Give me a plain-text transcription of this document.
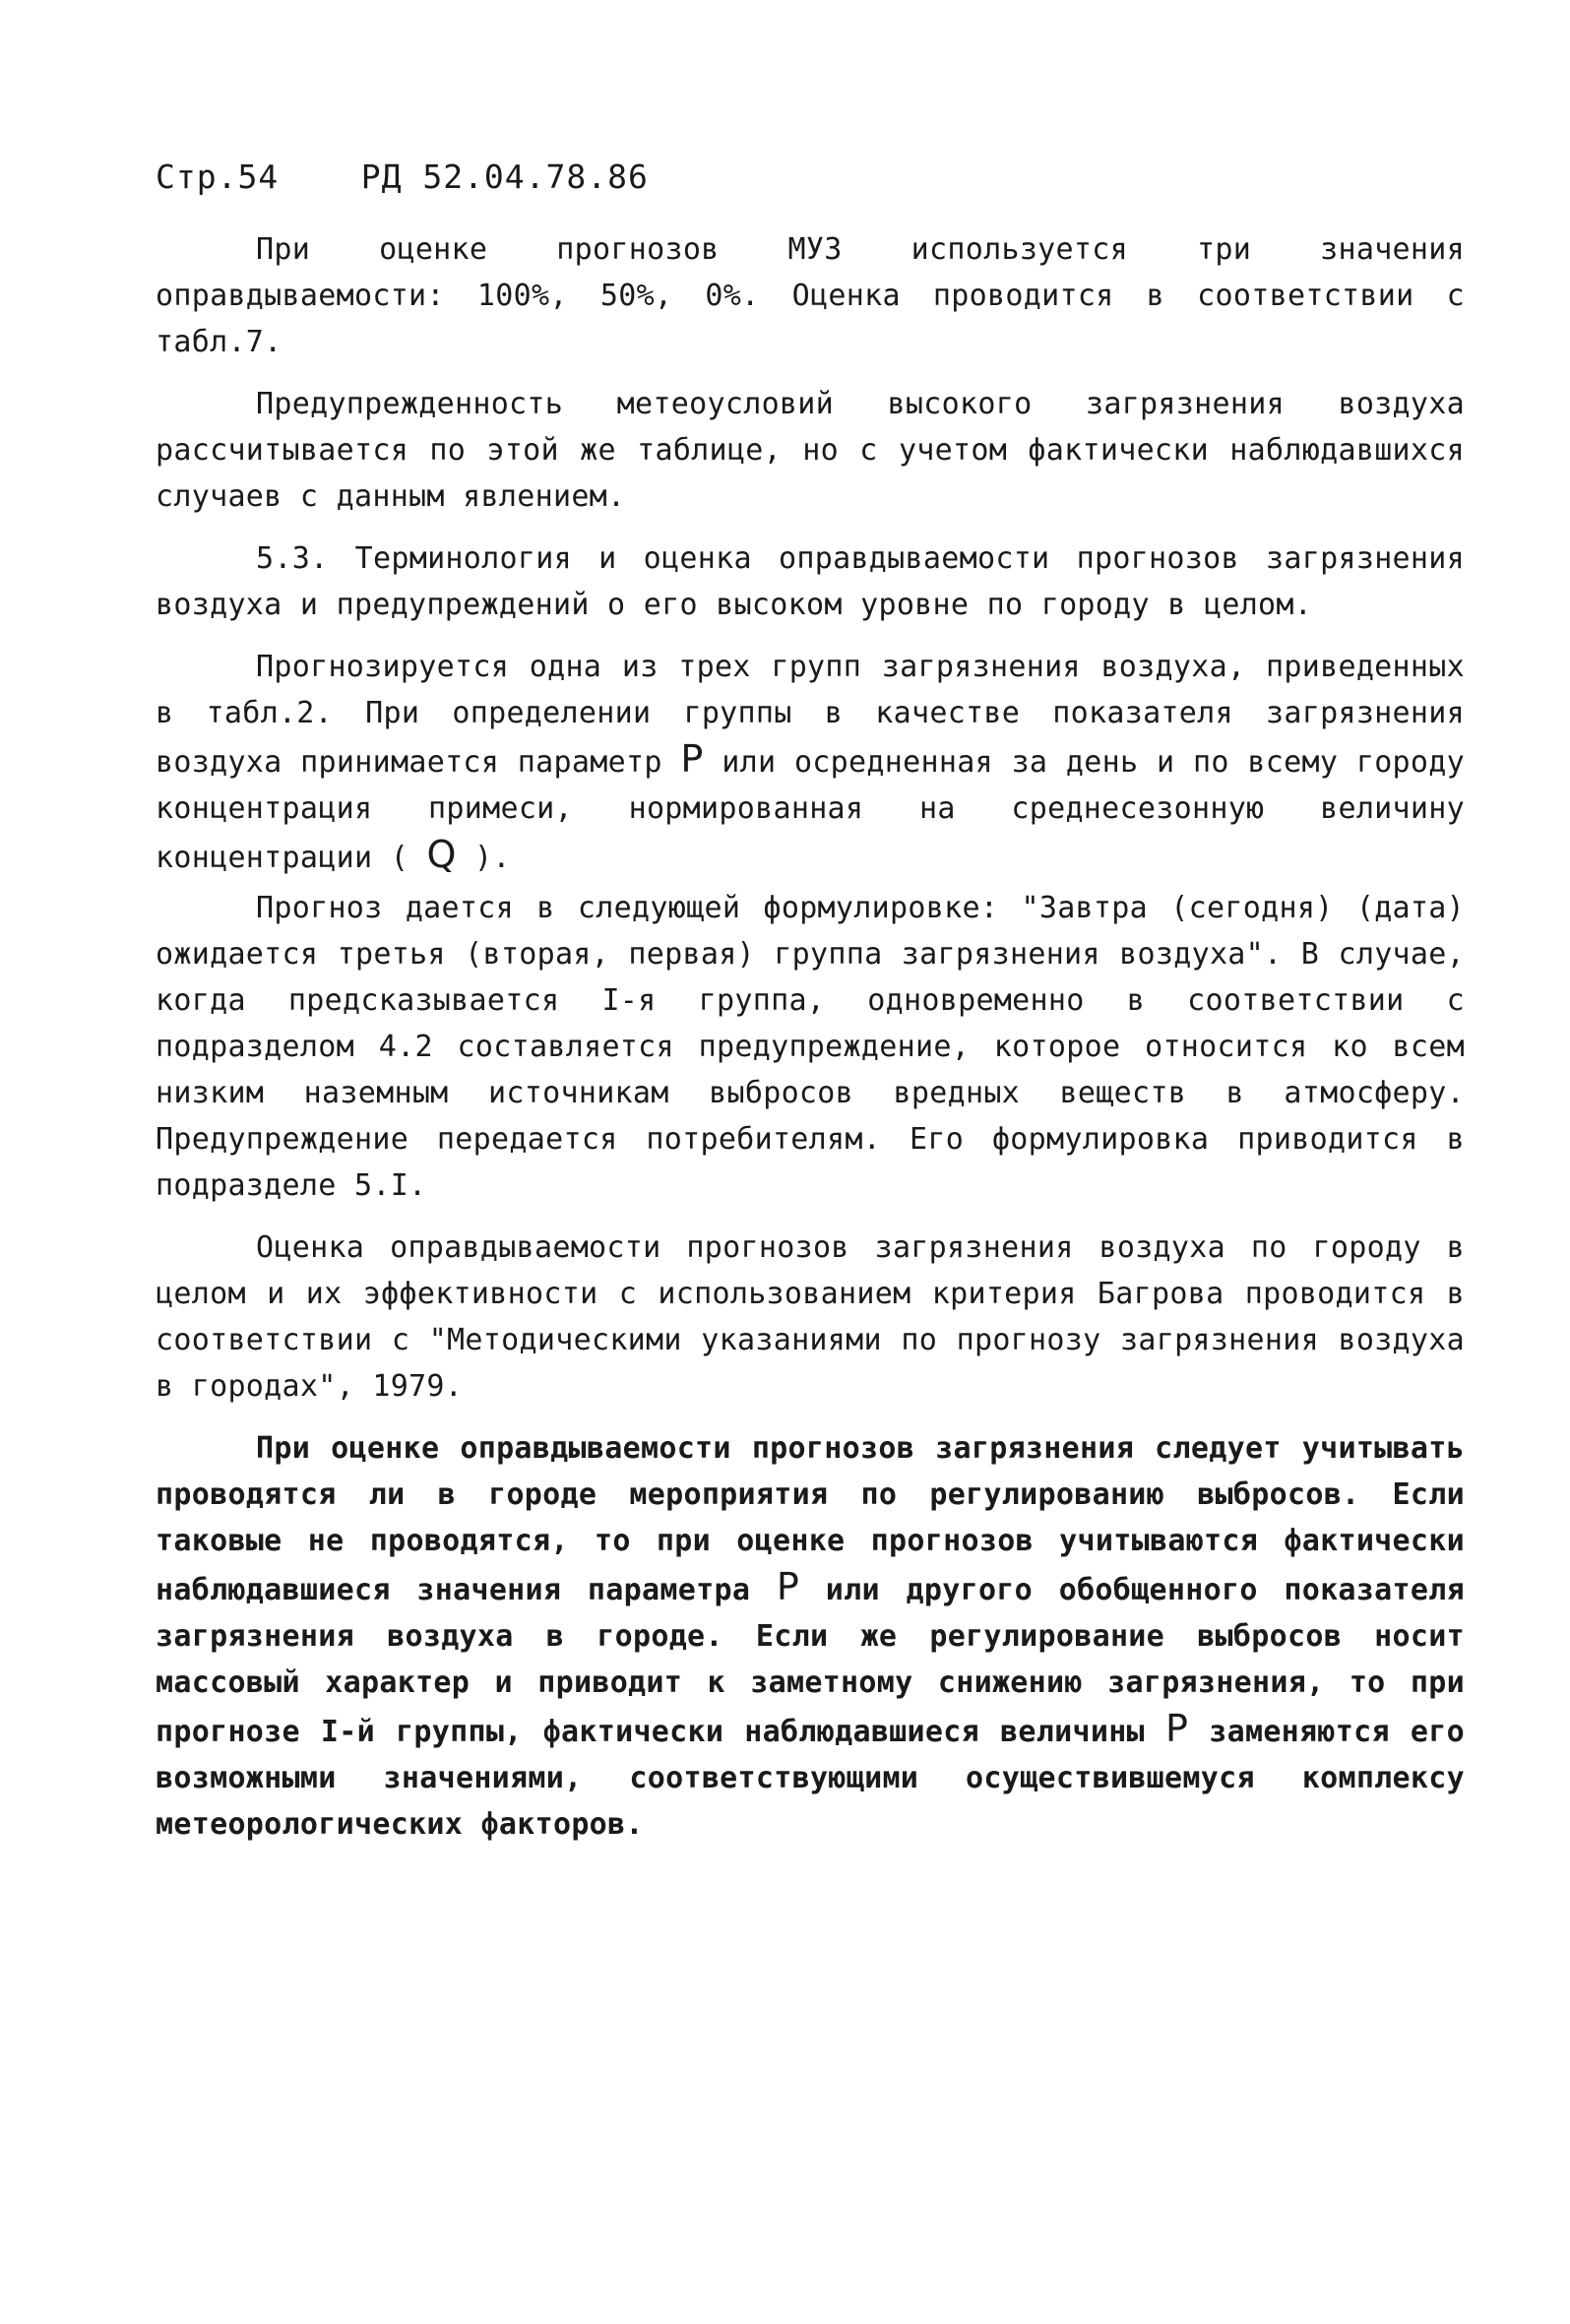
Стр.54	РД 52.04.78.86

При оценке прогнозов МУЗ используется три значения оправдываемости: 100%, 50%, 0%. Оценка проводится в соответствии с табл.7.

Предупрежденность метеоусловий высокого загрязнения воздуха рассчитывается по этой же таблице, но с учетом фактически наблюдавшихся случаев с данным явлением.

5.3. Терминология и оценка оправдываемости прогнозов загрязнения воздуха и предупреждений о его высоком уровне по городу в целом.

Прогнозируется одна из трех групп загрязнения воздуха, приведенных в табл.2. При определении группы в качестве показателя загрязнения воздуха принимается параметр P или осредненная за день и по всему городу концентрация примеси, нормированная на среднесезонную величину концентрации ( Q ).

Прогноз дается в следующей формулировке: "Завтра (сегодня) (дата) ожидается третья (вторая, первая) группа загрязнения воздуха". В случае, когда предсказывается I-я группа, одновременно в соответствии с подразделом 4.2 составляется предупреждение, которое относится ко всем низким наземным источникам выбросов вредных веществ в атмосферу. Предупреждение передается потребителям. Его формулировка приводится в подразделе 5.I.

Оценка оправдываемости прогнозов загрязнения воздуха по городу в целом и их эффективности с использованием критерия Багрова проводится в соответствии с "Методическими указаниями по прогнозу загрязнения воздуха в городах", 1979.

При оценке оправдываемости прогнозов загрязнения следует учитывать проводятся ли в городе мероприятия по регулированию выбросов. Если таковые не проводятся, то при оценке прогнозов учитываются фактически наблюдавшиеся значения параметра P или другого обобщенного показателя загрязнения воздуха в городе. Если же регулирование выбросов носит массовый характер и приводит к заметному снижению загрязнения, то при прогнозе I-й группы, фактически наблюдавшиеся величины P заменяются его возможными значениями, соответствующими осуществившемуся комплексу метеорологических факторов.
